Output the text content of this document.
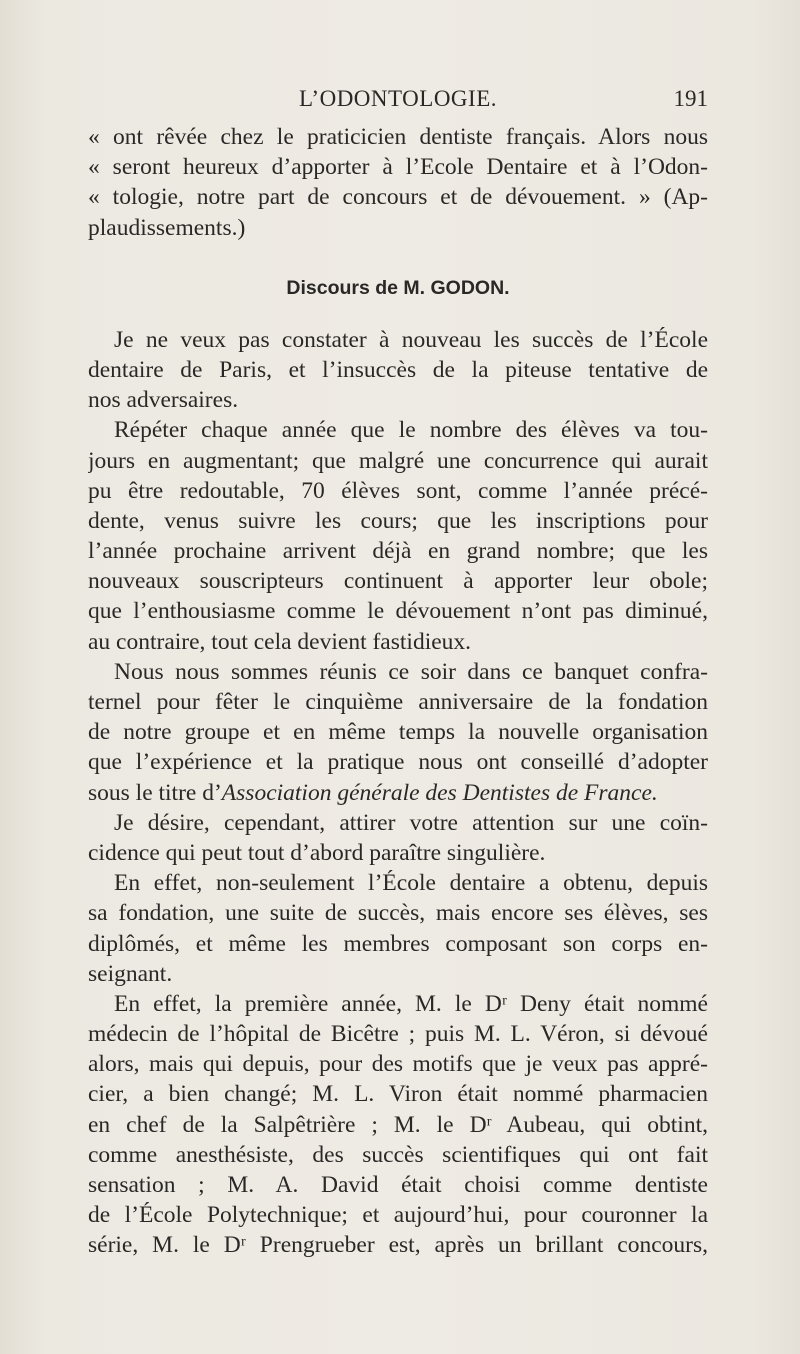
L’ODONTOLOGIE.	191
« ont rêvée chez le praticicien dentiste français. Alors nous
« seront heureux d’apporter à l’Ecole Dentaire et à l’Odon-
« tologie, notre part de concours et de dévouement. » (Ap-
plaudissements.)
Discours de M. GODON.
Je ne veux pas constater à nouveau les succès de l’École
dentaire de Paris, et l’insuccès de la piteuse tentative de
nos adversaires.
Répéter chaque année que le nombre des élèves va tou-
jours en augmentant; que malgré une concurrence qui aurait
pu être redoutable, 70 élèves sont, comme l’année précé-
dente, venus suivre les cours; que les inscriptions pour
l’année prochaine arrivent déjà en grand nombre; que les
nouveaux souscripteurs continuent à apporter leur obole;
que l’enthousiasme comme le dévouement n’ont pas diminué,
au contraire, tout cela devient fastidieux.
Nous nous sommes réunis ce soir dans ce banquet confra-
ternel pour fêter le cinquième anniversaire de la fondation
de notre groupe et en même temps la nouvelle organisation
que l’expérience et la pratique nous ont conseillé d’adopter
sous le titre d’Association générale des Dentistes de France.
Je désire, cependant, attirer votre attention sur une coïn-
cidence qui peut tout d’abord paraître singulière.
En effet, non-seulement l’École dentaire a obtenu, depuis
sa fondation, une suite de succès, mais encore ses élèves, ses
diplômés, et même les membres composant son corps en-
seignant.
En effet, la première année, M. le Dʳ Deny était nommé
médecin de l’hôpital de Bicêtre ; puis M. L. Véron, si dévoué
alors, mais qui depuis, pour des motifs que je veux pas appré-
cier, a bien changé; M. L. Viron était nommé pharmacien
en chef de la Salpêtrière ; M. le Dʳ Aubeau, qui obtint,
comme anesthésiste, des succès scientifiques qui ont fait
sensation ; M. A. David était choisi comme dentiste
de l’École Polytechnique; et aujourd’hui, pour couronner la
série, M. le Dʳ Prengrueber est, après un brillant concours,
